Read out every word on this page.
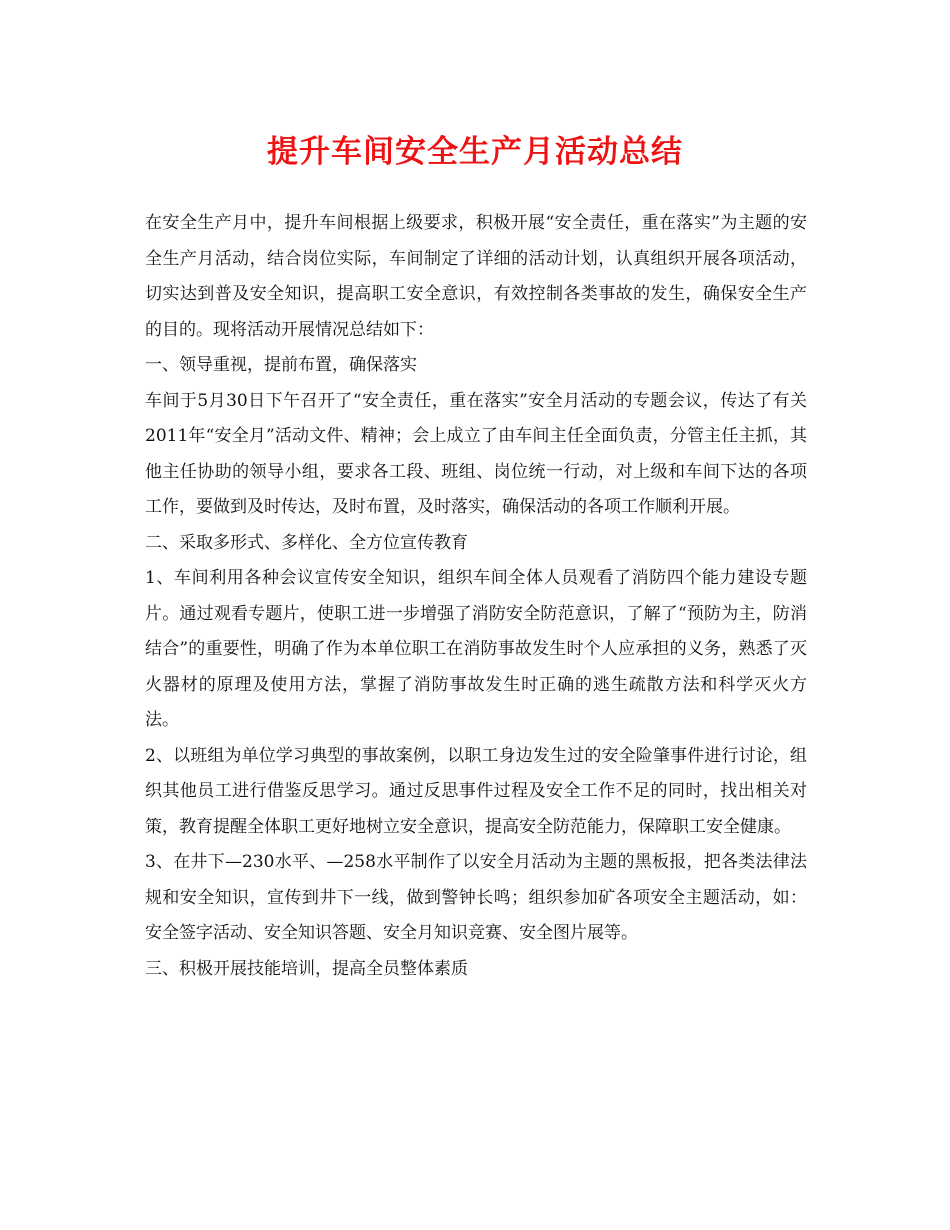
提升车间安全生产月活动总结

在安全生产月中，提升车间根据上级要求，积极开展“安全责任，重在落实”为主题的安全生产月活动，结合岗位实际，车间制定了详细的活动计划，认真组织开展各项活动，切实达到普及安全知识，提高职工安全意识，有效控制各类事故的发生，确保安全生产的目的。现将活动开展情况总结如下：

一、领导重视，提前布置，确保落实

车间于5月30日下午召开了“安全责任，重在落实”安全月活动的专题会议，传达了有关2011年“安全月”活动文件、精神；会上成立了由车间主任全面负责，分管主任主抓，其他主任协助的领导小组，要求各工段、班组、岗位统一行动，对上级和车间下达的各项工作，要做到及时传达，及时布置，及时落实，确保活动的各项工作顺利开展。

二、采取多形式、多样化、全方位宣传教育

1、车间利用各种会议宣传安全知识，组织车间全体人员观看了消防四个能力建设专题片。通过观看专题片，使职工进一步增强了消防安全防范意识，了解了“预防为主，防消结合”的重要性，明确了作为本单位职工在消防事故发生时个人应承担的义务，熟悉了灭火器材的原理及使用方法，掌握了消防事故发生时正确的逃生疏散方法和科学灭火方法。

2、以班组为单位学习典型的事故案例，以职工身边发生过的安全险肇事件进行讨论，组织其他员工进行借鉴反思学习。通过反思事件过程及安全工作不足的同时，找出相关对策，教育提醒全体职工更好地树立安全意识，提高安全防范能力，保障职工安全健康。

3、在井下—230水平、—258水平制作了以安全月活动为主题的黑板报，把各类法律法规和安全知识，宣传到井下一线，做到警钟长鸣；组织参加矿各项安全主题活动，如：安全签字活动、安全知识答题、安全月知识竞赛、安全图片展等。

三、积极开展技能培训，提高全员整体素质
